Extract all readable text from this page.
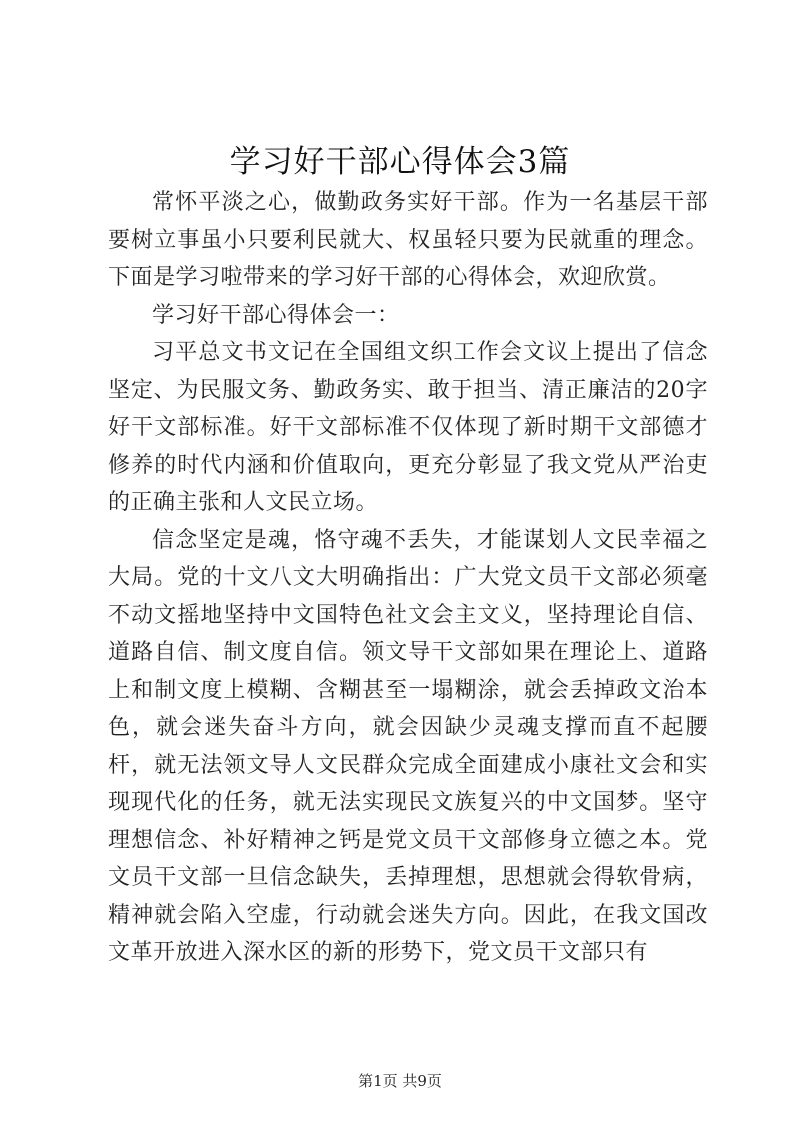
学习好干部心得体会3篇

常怀平淡之心，做勤政务实好干部。作为一名基层干部要树立事虽小只要利民就大、权虽轻只要为民就重的理念。下面是学习啦带来的学习好干部的心得体会，欢迎欣赏。

学习好干部心得体会一：

习平总文书文记在全国组文织工作会文议上提出了信念坚定、为民服文务、勤政务实、敢于担当、清正廉洁的20字好干文部标准。好干文部标准不仅体现了新时期干文部德才修养的时代内涵和价值取向，更充分彰显了我文党从严治吏的正确主张和人文民立场。

信念坚定是魂，恪守魂不丢失，才能谋划人文民幸福之大局。党的十文八文大明确指出：广大党文员干文部必须毫不动文摇地坚持中文国特色社文会主文义，坚持理论自信、道路自信、制文度自信。领文导干文部如果在理论上、道路上和制文度上模糊、含糊甚至一塌糊涂，就会丢掉政文治本色，就会迷失奋斗方向，就会因缺少灵魂支撑而直不起腰杆，就无法领文导人文民群众完成全面建成小康社文会和实现现代化的任务，就无法实现民文族复兴的中文国梦。坚守理想信念、补好精神之钙是党文员干文部修身立德之本。党文员干文部一旦信念缺失，丢掉理想，思想就会得软骨病，精神就会陷入空虚，行动就会迷失方向。因此，在我文国改文革开放进入深水区的新的形势下，党文员干文部只有

第1页 共9页
